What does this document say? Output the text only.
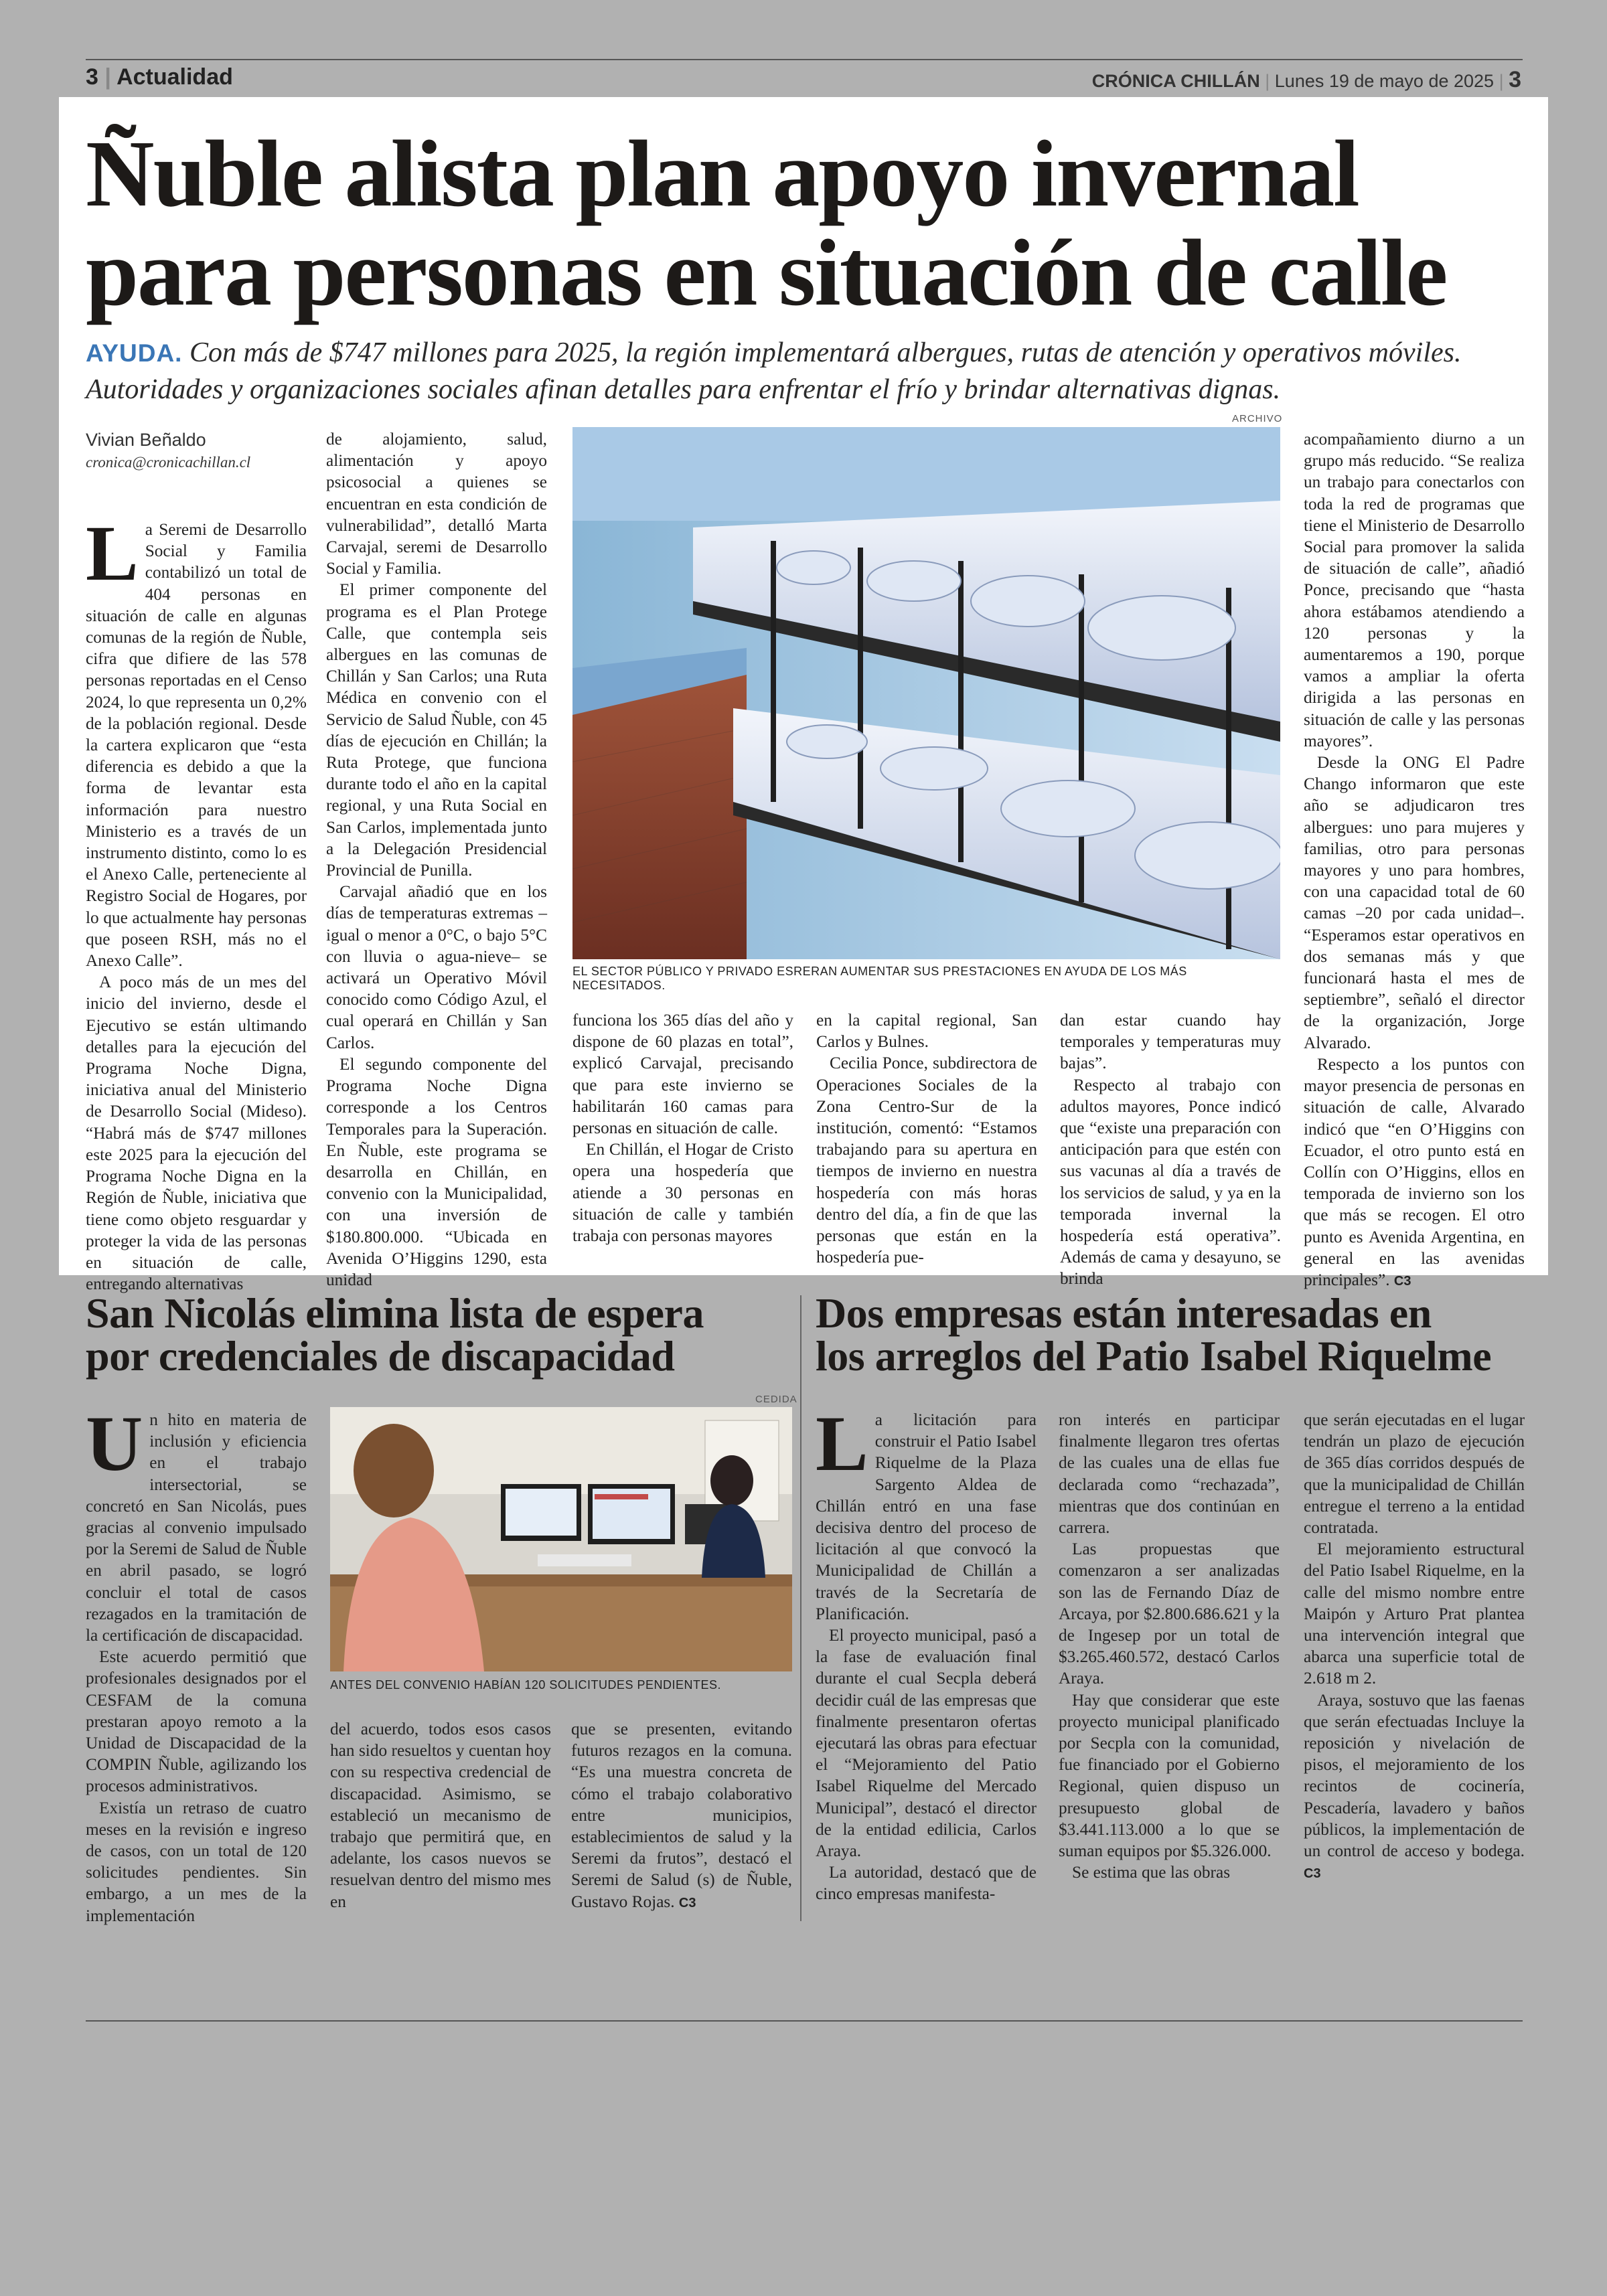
3 | Actualidad	CRÓNICA CHILLÁN | Lunes 19 de mayo de 2025 | 3
Ñuble alista plan apoyo invernal
para personas en situación de calle
AYUDA. Con más de $747 millones para 2025, la región implementará albergues, rutas de atención y operativos móviles. Autoridades y organizaciones sociales afinan detalles para enfrentar el frío y brindar alternativas dignas.
Vivian Beñaldo
cronica@cronicachillan.cl

La Seremi de Desarrollo Social y Familia contabilizó un total de 404 personas en situación de calle en algunas comunas de la región de Ñuble, cifra que difiere de las 578 personas reportadas en el Censo 2024, lo que representa un 0,2% de la población regional. Desde la cartera explicaron que “esta diferencia es debido a que la forma de levantar esta información para nuestro Ministerio es a través de un instrumento distinto, como lo es el Anexo Calle, perteneciente al Registro Social de Hogares, por lo que actualmente hay personas que poseen RSH, más no el Anexo Calle”.

A poco más de un mes del inicio del invierno, desde el Ejecutivo se están ultimando detalles para la ejecución del Programa Noche Digna, iniciativa anual del Ministerio de Desarrollo Social (Mideso). “Habrá más de $747 millones este 2025 para la ejecución del Programa Noche Digna en la Región de Ñuble, iniciativa que tiene como objeto resguardar y proteger la vida de las personas en situación de calle, entregando alternativas

de alojamiento, salud, alimentación y apoyo psicosocial a quienes se encuentran en esta condición de vulnerabilidad”, detalló Marta Carvajal, seremi de Desarrollo Social y Familia.

El primer componente del programa es el Plan Protege Calle, que contempla seis albergues en las comunas de Chillán y San Carlos; una Ruta Médica en convenio con el Servicio de Salud Ñuble, con 45 días de ejecución en Chillán; la Ruta Protege, que funciona durante todo el año en la capital regional, y una Ruta Social en San Carlos, implementada junto a la Delegación Presidencial Provincial de Punilla.

Carvajal añadió que en los días de temperaturas extremas –igual o menor a 0°C, o bajo 5°C con lluvia o agua-nieve– se activará un Operativo Móvil conocido como Código Azul, el cual operará en Chillán y San Carlos.

El segundo componente del Programa Noche Digna corresponde a los Centros Temporales para la Superación. En Ñuble, este programa se desarrolla en Chillán, en convenio con la Municipalidad, con una inversión de $180.800.000. “Ubicada en Avenida O’Higgins 1290, esta unidad

ARCHIVO
EL SECTOR PÚBLICO Y PRIVADO ESRERAN AUMENTAR SUS PRESTACIONES EN AYUDA DE LOS MÁS NECESITADOS.

funciona los 365 días del año y dispone de 60 plazas en total”, explicó Carvajal, precisando que para este invierno se habilitarán 160 camas para personas en situación de calle.

En Chillán, el Hogar de Cristo opera una hospedería que atiende a 30 personas en situación de calle y también trabaja con personas mayores

en la capital regional, San Carlos y Bulnes.

Cecilia Ponce, subdirectora de Operaciones Sociales de la Zona Centro-Sur de la institución, comentó: “Estamos trabajando para su apertura en tiempos de invierno en nuestra hospedería con más horas dentro del día, a fin de que las personas que están en la hospedería pue-

dan estar cuando hay temporales y temperaturas muy bajas”.

Respecto al trabajo con adultos mayores, Ponce indicó que “existe una preparación con anticipación para que estén con sus vacunas al día a través de los servicios de salud, y ya en la temporada invernal la hospedería está operativa”. Además de cama y desayuno, se brinda

acompañamiento diurno a un grupo más reducido. “Se realiza un trabajo para conectarlos con toda la red de programas que tiene el Ministerio de Desarrollo Social para promover la salida de situación de calle”, añadió Ponce, precisando que “hasta ahora estábamos atendiendo a 120 personas y la aumentaremos a 190, porque vamos a ampliar la oferta dirigida a las personas en situación de calle y las personas mayores”.

Desde la ONG El Padre Chango informaron que este año se adjudicaron tres albergues: uno para mujeres y familias, otro para personas mayores y uno para hombres, con una capacidad total de 60 camas –20 por cada unidad–. “Esperamos estar operativos en dos semanas más y que funcionará hasta el mes de septiembre”, señaló el director de la organización, Jorge Alvarado.

Respecto a los puntos con mayor presencia de personas en situación de calle, Alvarado indicó que “en O’Higgins con Ecuador, el otro punto está en Collín con O’Higgins, ellos en temporada de invierno son los que más se recogen. El otro punto es Avenida Argentina, en general en las avenidas principales”. C3

San Nicolás elimina lista de espera
por credenciales de discapacidad

Un hito en materia de inclusión y eficiencia en el trabajo intersectorial, se concretó en San Nicolás, pues gracias al convenio impulsado por la Seremi de Salud de Ñuble en abril pasado, se logró concluir el total de casos rezagados en la tramitación de la certificación de discapacidad.

Este acuerdo permitió que profesionales designados por el CESFAM de la comuna prestaran apoyo remoto a la Unidad de Discapacidad de la COMPIN Ñuble, agilizando los procesos administrativos.

Existía un retraso de cuatro meses en la revisión e ingreso de casos, con un total de 120 solicitudes pendientes. Sin embargo, a un mes de la implementación

CEDIDA
ANTES DEL CONVENIO HABÍAN 120 SOLICITUDES PENDIENTES.

del acuerdo, todos esos casos han sido resueltos y cuentan hoy con su respectiva credencial de discapacidad. Asimismo, se estableció un mecanismo de trabajo que permitirá que, en adelante, los casos nuevos se resuelvan dentro del mismo mes en

que se presenten, evitando futuros rezagos en la comuna. “Es una muestra concreta de cómo el trabajo colaborativo entre municipios, establecimientos de salud y la Seremi da frutos”, destacó el Seremi de Salud (s) de Ñuble, Gustavo Rojas. C3

Dos empresas están interesadas en
los arreglos del Patio Isabel Riquelme

La licitación para construir el Patio Isabel Riquelme de la Plaza Sargento Aldea de Chillán entró en una fase decisiva dentro del proceso de licitación al que convocó la Municipalidad de Chillán a través de la Secretaría de Planificación.

El proyecto municipal, pasó a la fase de evaluación final durante el cual Secpla deberá decidir cuál de las empresas que finalmente presentaron ofertas ejecutará las obras para efectuar el “Mejoramiento del Patio Isabel Riquelme del Mercado Municipal”, destacó el director de la entidad edilicia, Carlos Araya.

La autoridad, destacó que de cinco empresas manifesta-

ron interés en participar finalmente llegaron tres ofertas de las cuales una de ellas fue declarada como “rechazada”, mientras que dos continúan en carrera.

Las propuestas que comenzaron a ser analizadas son las de Fernando Díaz de Arcaya, por $2.800.686.621 y la de Ingesep por un total de $3.265.460.572, destacó Carlos Araya.

Hay que considerar que este proyecto municipal planificado por Secpla con la comunidad, fue financiado por el Gobierno Regional, quien dispuso un presupuesto global de $3.441.113.000 a lo que se suman equipos por $5.326.000.

Se estima que las obras

que serán ejecutadas en el lugar tendrán un plazo de ejecución de 365 días corridos después de que la municipalidad de Chillán entregue el terreno a la entidad contratada.

El mejoramiento estructural del Patio Isabel Riquelme, en la calle del mismo nombre entre Maipón y Arturo Prat plantea una intervención integral que abarca una superficie total de 2.618 m 2.

Araya, sostuvo que las faenas que serán efectuadas Incluye la reposición y nivelación de pisos, el mejoramiento de los recintos de cocinería, Pescadería, lavadero y baños públicos, la implementación de un control de acceso y bodega. C3
